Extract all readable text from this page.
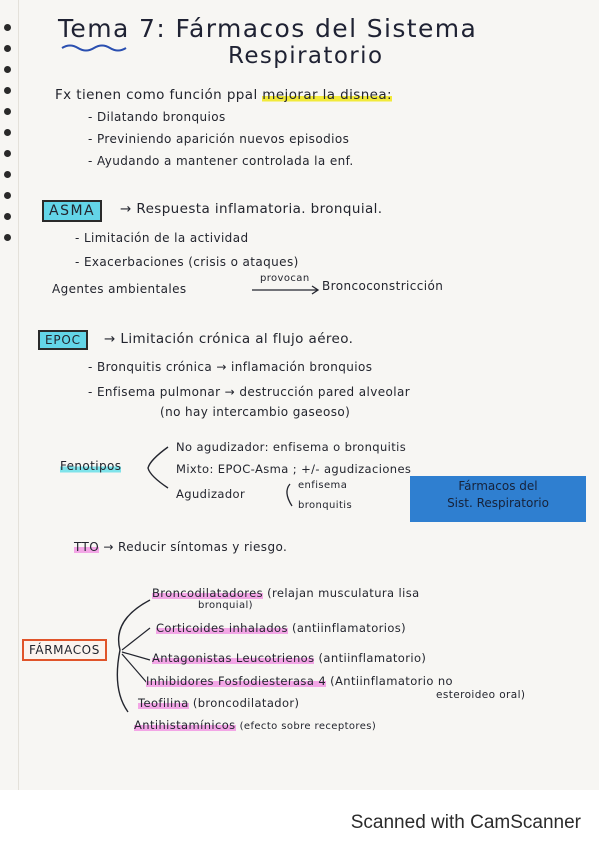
Tema 7: Fármacos del Sistema
Respiratorio
Fx tienen como función ppal mejorar la disnea:
- Dilatando bronquios
- Previniendo aparición nuevos episodios
- Ayudando a mantener controlada la enf.
ASMA	→ Respuesta inflamatoria. bronquial.
- Limitación de la actividad
- Exacerbaciones (crisis o ataques)
Agentes ambientales
provocan
Broncoconstricción
EPOC	→ Limitación crónica al flujo aéreo.
- Bronquitis crónica → inflamación bronquios
- Enfisema pulmonar → destrucción pared alveolar
(no hay intercambio gaseoso)
Fenotipos
No agudizador: enfisema o bronquitis
Mixto: EPOC-Asma ; +/- agudizaciones
Agudizador
enfisema
bronquitis
Fármacos del
Sist. Respiratorio
TTO → Reducir síntomas y riesgo.
FÁRMACOS
Broncodilatadores (relajan musculatura lisa
bronquial)
Corticoides inhalados (antiinflamatorios)
Antagonistas Leucotrienos (antiinflamatorio)
Inhibidores Fosfodiesterasa 4 (Antiinflamatorio no
esteroideo oral)
Teofilina (broncodilatador)
Antihistamínicos (efecto sobre receptores)
Scanned with CamScanner
